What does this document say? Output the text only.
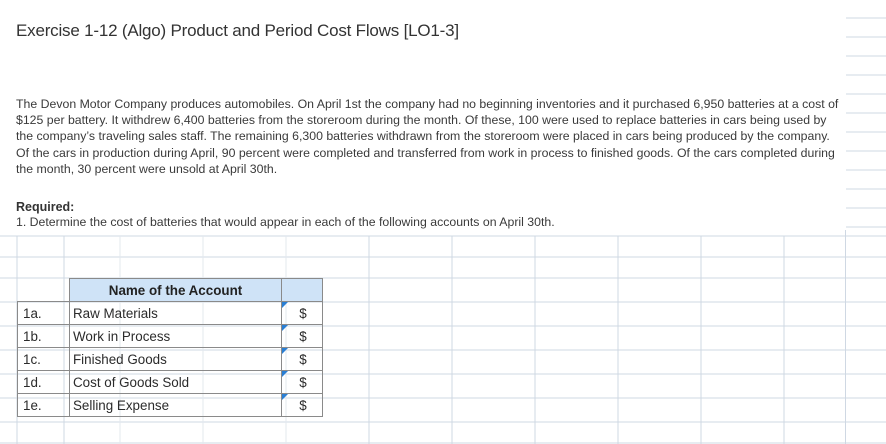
Exercise 1-12 (Algo) Product and Period Cost Flows [LO1-3]

The Devon Motor Company produces automobiles. On April 1st the company had no beginning inventories and it purchased 6,950 batteries at a cost of $125 per battery. It withdrew 6,400 batteries from the storeroom during the month. Of these, 100 were used to replace batteries in cars being used by the company’s traveling sales staff. The remaining 6,300 batteries withdrawn from the storeroom were placed in cars being produced by the company. Of the cars in production during April, 90 percent were completed and transferred from work in process to finished goods. Of the cars completed during the month, 30 percent were unsold at April 30th.

Required:
1. Determine the cost of batteries that would appear in each of the following accounts on April 30th.
	Name of the Account	
1a.	Raw Materials	$
1b.	Work in Process	$
1c.	Finished Goods	$
1d.	Cost of Goods Sold	$
1e.	Selling Expense	$
